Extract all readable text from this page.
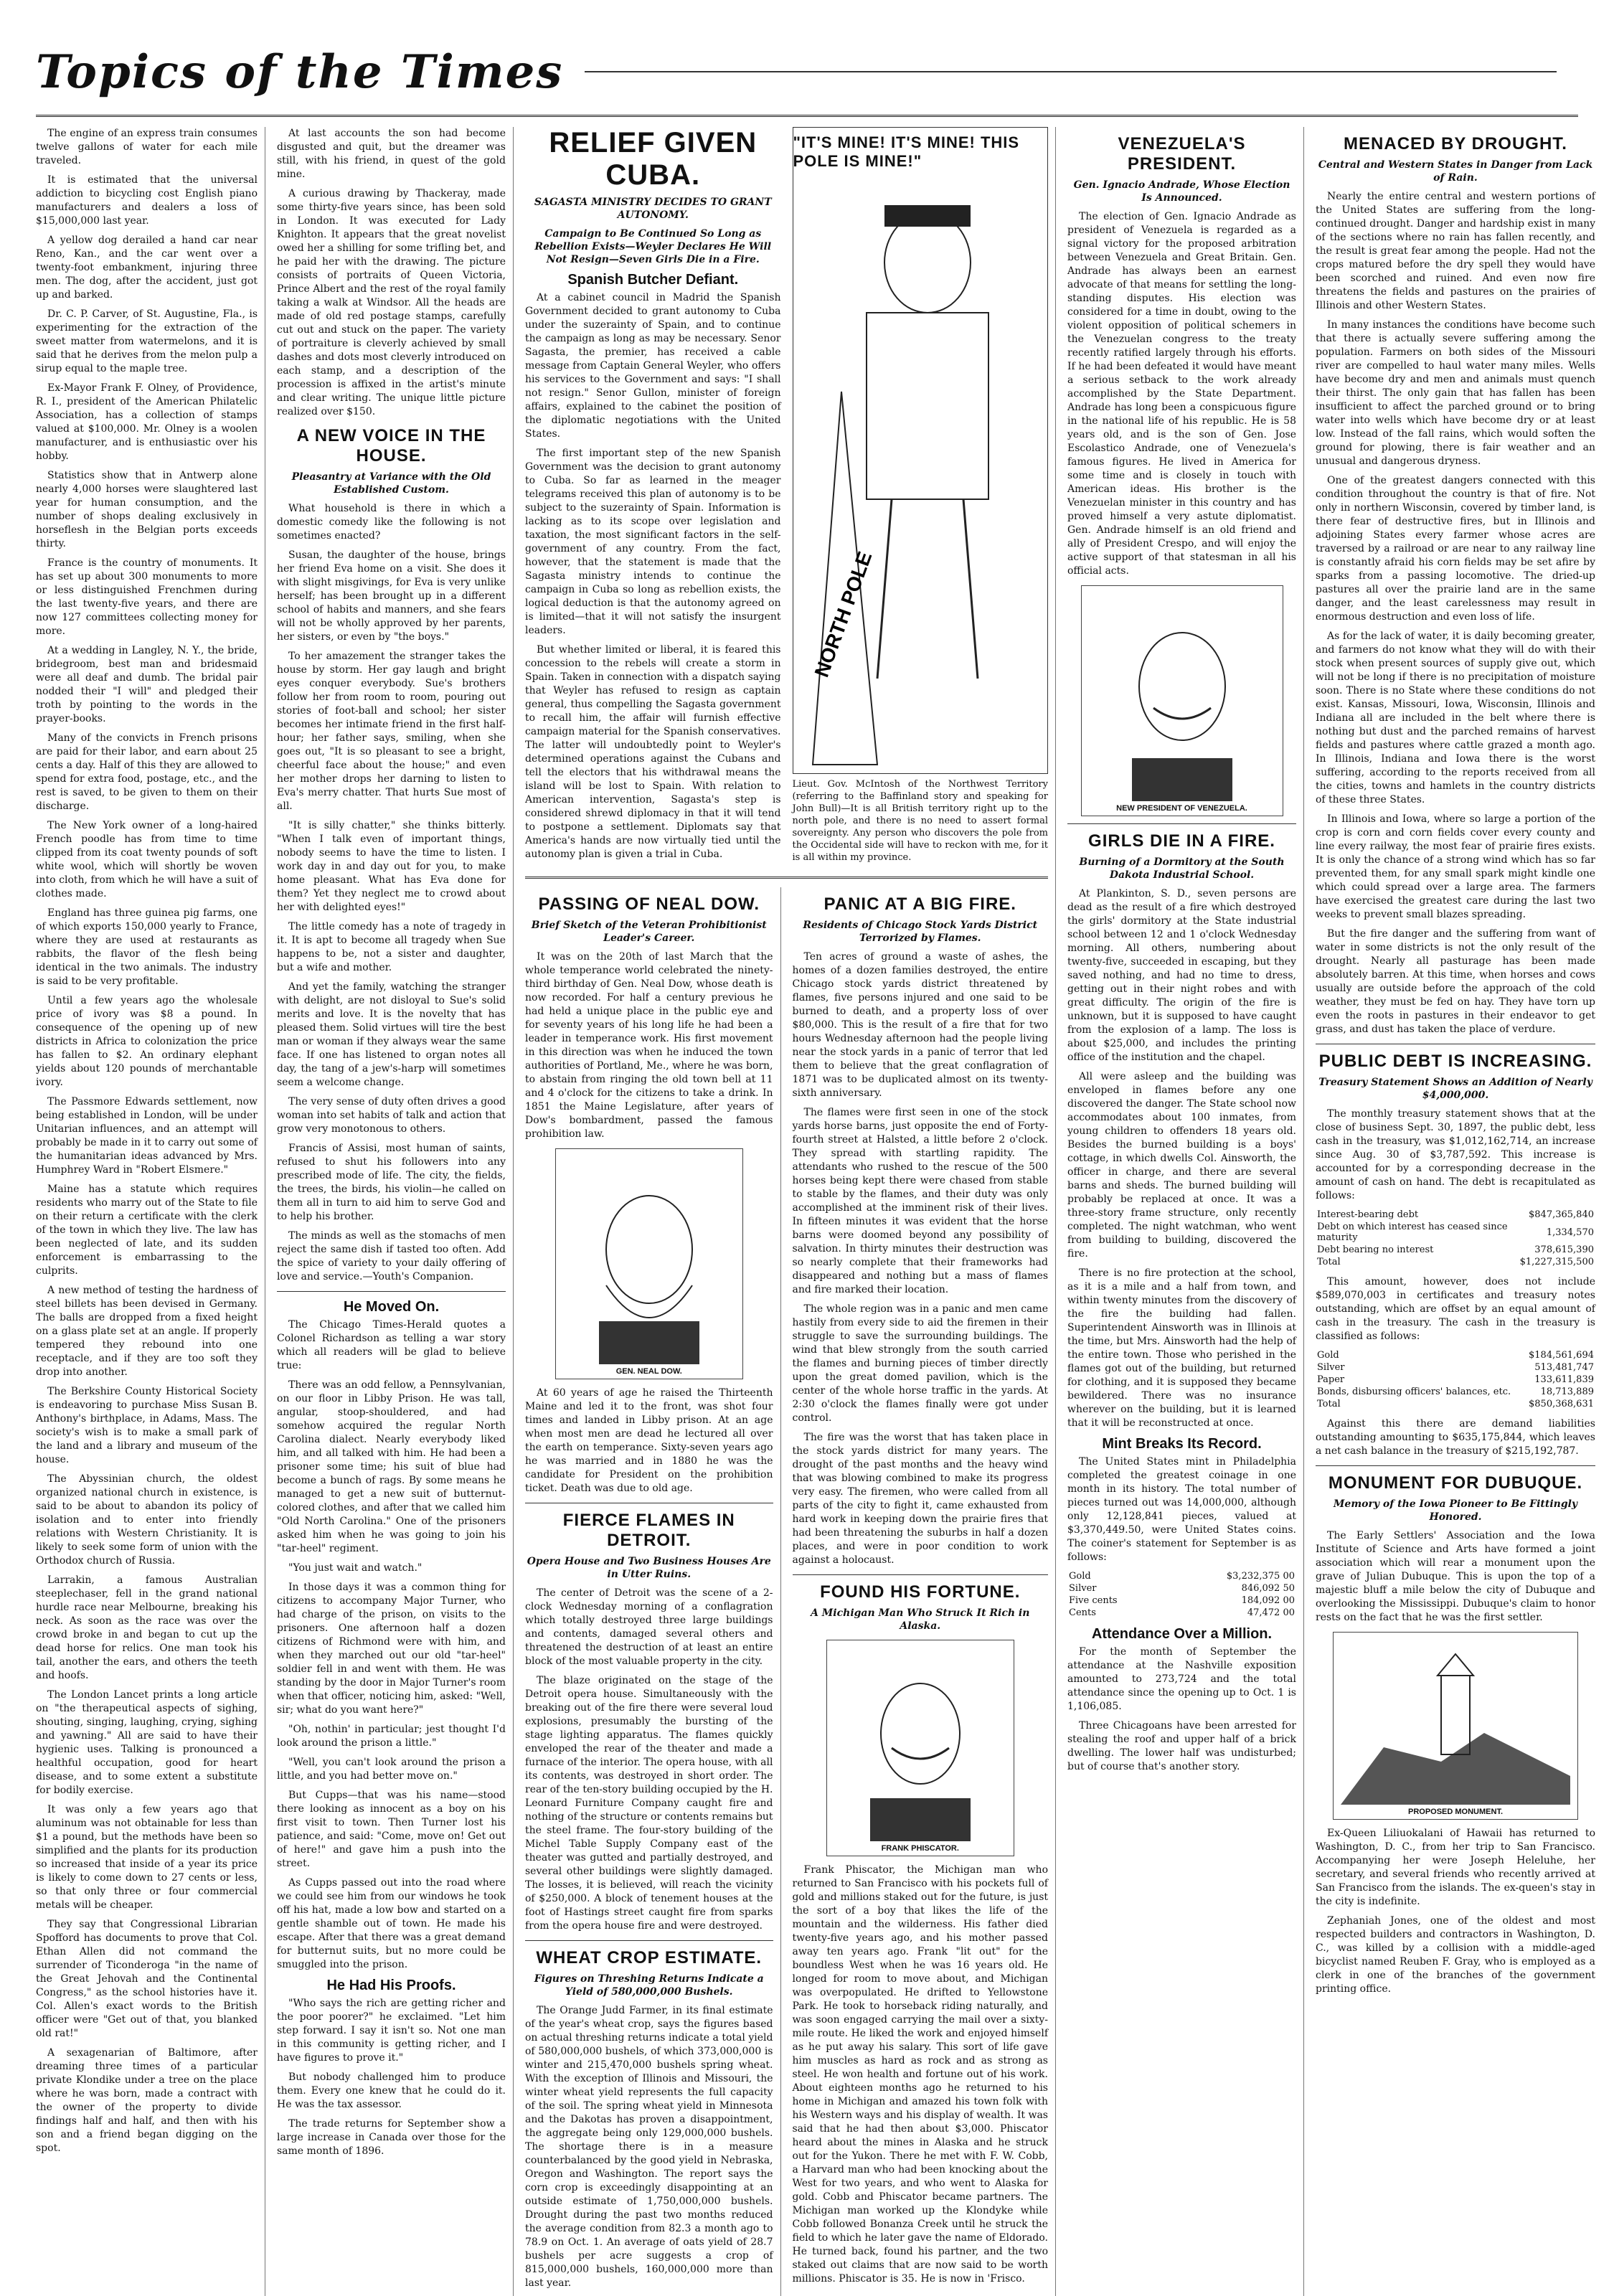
Topics of the Times

The engine of an express train consumes twelve gallons of water for each mile traveled.

It is estimated that the universal addiction to bicycling cost English piano manufacturers and dealers a loss of $15,000,000 last year.

A yellow dog derailed a hand car near Reno, Kan., and the car went over a twenty-foot embankment, injuring three men. The dog, after the accident, just got up and barked.

Dr. C. P. Carver, of St. Augustine, Fla., is experimenting for the extraction of the sweet matter from watermelons, and it is said that he derives from the melon pulp a sirup equal to the maple tree.

Ex-Mayor Frank F. Olney, of Providence, R. I., president of the American Philatelic Association, has a collection of stamps valued at $100,000. Mr. Olney is a woolen manufacturer, and is enthusiastic over his hobby.

Statistics show that in Antwerp alone nearly 4,000 horses were slaughtered last year for human consumption, and the number of shops dealing exclusively in horseflesh in the Belgian ports exceeds thirty.

France is the country of monuments. It has set up about 300 monuments to more or less distinguished Frenchmen during the last twenty-five years, and there are now 127 committees collecting money for more.

At a wedding in Langley, N. Y., the bride, bridegroom, best man and bridesmaid were all deaf and dumb. The bridal pair nodded their "I will" and pledged their troth by pointing to the words in the prayer-books.

Many of the convicts in French prisons are paid for their labor, and earn about 25 cents a day. Half of this they are allowed to spend for extra food, postage, etc., and the rest is saved, to be given to them on their discharge.

The New York owner of a long-haired French poodle has from time to time clipped from its coat twenty pounds of soft white wool, which will shortly be woven into cloth, from which he will have a suit of clothes made.

England has three guinea pig farms, one of which exports 150,000 yearly to France, where they are used at restaurants as rabbits, the flavor of the flesh being identical in the two animals. The industry is said to be very profitable.

Until a few years ago the wholesale price of ivory was $8 a pound. In consequence of the opening up of new districts in Africa to colonization the price has fallen to $2. An ordinary elephant yields about 120 pounds of merchantable ivory.

The Passmore Edwards settlement, now being established in London, will be under Unitarian influences, and an attempt will probably be made in it to carry out some of the humanitarian ideas advanced by Mrs. Humphrey Ward in "Robert Elsmere."

Maine has a statute which requires residents who marry out of the State to file on their return a certificate with the clerk of the town in which they live. The law has been neglected of late, and its sudden enforcement is embarrassing to the culprits.

A new method of testing the hardness of steel billets has been devised in Germany. The balls are dropped from a fixed height on a glass plate set at an angle. If properly tempered they rebound into one receptacle, and if they are too soft they drop into another.

The Berkshire County Historical Society is endeavoring to purchase Miss Susan B. Anthony's birthplace, in Adams, Mass. The society's wish is to make a small park of the land and a library and museum of the house.

The Abyssinian church, the oldest organized national church in existence, is said to be about to abandon its policy of isolation and to enter into friendly relations with Western Christianity. It is likely to seek some form of union with the Orthodox church of Russia.

Larrakin, a famous Australian steeplechaser, fell in the grand national hurdle race near Melbourne, breaking his neck. As soon as the race was over the crowd broke in and began to cut up the dead horse for relics. One man took his tail, another the ears, and others the teeth and hoofs.

The London Lancet prints a long article on "the therapeutical aspects of sighing, shouting, singing, laughing, crying, sighing and yawning." All are said to have their hygienic uses. Talking is pronounced a healthful occupation, good for heart disease, and to some extent a substitute for bodily exercise.

It was only a few years ago that aluminum was not obtainable for less than $1 a pound, but the methods have been so simplified and the plants for its production so increased that inside of a year its price is likely to come down to 27 cents or less, so that only three or four commercial metals will be cheaper.

They say that Congressional Librarian Spofford has documents to prove that Col. Ethan Allen did not command the surrender of Ticonderoga "in the name of the Great Jehovah and the Continental Congress," as the school histories have it. Col. Allen's exact words to the British officer were "Get out of that, you blanked old rat!"

A sexagenarian of Baltimore, after dreaming three times of a particular private Klondike under a tree on the place where he was born, made a contract with the owner of the property to divide findings half and half, and then with his son and a friend began digging on the spot.

At last accounts the son had become disgusted and quit, but the dreamer was still, with his friend, in quest of the gold mine.

A curious drawing by Thackeray, made some thirty-five years since, has been sold in London. It was executed for Lady Knighton. It appears that the great novelist owed her a shilling for some trifling bet, and he paid her with the drawing. The picture consists of portraits of Queen Victoria, Prince Albert and the rest of the royal family taking a walk at Windsor. All the heads are made of old red postage stamps, carefully cut out and stuck on the paper. The variety of portraiture is cleverly achieved by small dashes and dots most cleverly introduced on each stamp, and a description of the procession is affixed in the artist's minute and clear writing. The unique little picture realized over $150.

A NEW VOICE IN THE HOUSE.
Pleasantry at Variance with the Old Established Custom.

What household is there in which a domestic comedy like the following is not sometimes enacted?

Susan, the daughter of the house, brings her friend Eva home on a visit. She does it with slight misgivings, for Eva is very unlike herself; has been brought up in a different school of habits and manners, and she fears will not be wholly approved by her parents, her sisters, or even by "the boys."

To her amazement the stranger takes the house by storm. Her gay laugh and bright eyes conquer everybody. Sue's brothers follow her from room to room, pouring out stories of foot-ball and school; her sister becomes her intimate friend in the first half-hour; her father says, smiling, when she goes out, "It is so pleasant to see a bright, cheerful face about the house;" and even her mother drops her darning to listen to Eva's merry chatter. That hurts Sue most of all.

"It is silly chatter," she thinks bitterly. "When I talk even of important things, nobody seems to have the time to listen. I work day in and day out for you, to make home pleasant. What has Eva done for them? Yet they neglect me to crowd about her with delighted eyes!"

The little comedy has a note of tragedy in it. It is apt to become all tragedy when Sue happens to be, not a sister and daughter, but a wife and mother.

And yet the family, watching the stranger with delight, are not disloyal to Sue's solid merits and love. It is the novelty that has pleased them. Solid virtues will tire the best man or woman if they always wear the same face. If one has listened to organ notes all day, the tang of a jew's-harp will sometimes seem a welcome change.

The very sense of duty often drives a good woman into set habits of talk and action that grow very monotonous to others.

Francis of Assisi, most human of saints, refused to shut his followers into any prescribed mode of life. The city, the fields, the trees, the birds, his violin—he called on them all in turn to aid him to serve God and to help his brother.

The minds as well as the stomachs of men reject the same dish if tasted too often. Add the spice of variety to your daily offering of love and service.—Youth's Companion.

He Moved On.

The Chicago Times-Herald quotes a Colonel Richardson as telling a war story which all readers will be glad to believe true:

There was an odd fellow, a Pennsylvanian, on our floor in Libby Prison. He was tall, angular, stoop-shouldered, and had somehow acquired the regular North Carolina dialect. Nearly everybody liked him, and all talked with him. He had been a prisoner some time; his suit of blue had become a bunch of rags. By some means he managed to get a new suit of butternut-colored clothes, and after that we called him "Old North Carolina." One of the prisoners asked him when he was going to join his "tar-heel" regiment.

"You just wait and watch."

In those days it was a common thing for citizens to accompany Major Turner, who had charge of the prison, on visits to the prisoners. One afternoon half a dozen citizens of Richmond were with him, and when they marched out our old "tar-heel" soldier fell in and went with them. He was standing by the door in Major Turner's room when that officer, noticing him, asked: "Well, sir; what do you want here?"

"Oh, nothin' in particular; jest thought I'd look around the prison a little."

"Well, you can't look around the prison a little, and you had better move on."

But Cupps—that was his name—stood there looking as innocent as a boy on his first visit to town. Then Turner lost his patience, and said: "Come, move on! Get out of here!" and gave him a push into the street.

As Cupps passed out into the road where we could see him from our windows he took off his hat, made a low bow and started on a gentle shamble out of town. He made his escape. After that there was a great demand for butternut suits, but no more could be smuggled into the prison.

He Had His Proofs.

"Who says the rich are getting richer and the poor poorer?" he exclaimed. "Let him step forward. I say it isn't so. Not one man in this community is getting richer, and I have figures to prove it."

But nobody challenged him to produce them. Every one knew that he could do it. He was the tax assessor.

The trade returns for September show a large increase in Canada over those for the same month of 1896.

RELIEF GIVEN CUBA.
SAGASTA MINISTRY DECIDES TO GRANT AUTONOMY.
Campaign to Be Continued So Long as Rebellion Exists—Weyler Declares He Will Not Resign—Seven Girls Die in a Fire.
Spanish Butcher Defiant.

At a cabinet council in Madrid the Spanish Government decided to grant autonomy to Cuba under the suzerainty of Spain, and to continue the campaign as long as may be necessary. Senor Sagasta, the premier, has received a cable message from Captain General Weyler, who offers his services to the Government and says: "I shall not resign." Senor Gullon, minister of foreign affairs, explained to the cabinet the position of the diplomatic negotiations with the United States.

The first important step of the new Spanish Government was the decision to grant autonomy to Cuba. So far as learned in the meager telegrams received this plan of autonomy is to be subject to the suzerainty of Spain. Information is lacking as to its scope over legislation and taxation, the most significant factors in the self-government of any country. From the fact, however, that the statement is made that the Sagasta ministry intends to continue the campaign in Cuba so long as rebellion exists, the logical deduction is that the autonomy agreed on is limited—that it will not satisfy the insurgent leaders.

But whether limited or liberal, it is feared this concession to the rebels will create a storm in Spain. Taken in connection with a dispatch saying that Weyler has refused to resign as captain general, thus compelling the Sagasta government to recall him, the affair will furnish effective campaign material for the Spanish conservatives. The latter will undoubtedly point to Weyler's determined operations against the Cubans and tell the electors that his withdrawal means the island will be lost to Spain. With relation to American intervention, Sagasta's step is considered shrewd diplomacy in that it will tend to postpone a settlement. Diplomats say that America's hands are now virtually tied until the autonomy plan is given a trial in Cuba.

"IT'S MINE! IT'S MINE! THIS POLE IS MINE!"
NORTH POLE
Lieut. Gov. McIntosh of the Northwest Territory (referring to the Baffinland story and speaking for John Bull)—It is all British territory right up to the north pole, and there is no need to assert formal sovereignty. Any person who discovers the pole from the Occidental side will have to reckon with me, for it is all within my province.
PASSING OF NEAL DOW.
Brief Sketch of the Veteran Prohibitionist Leader's Career.

It was on the 20th of last March that the whole temperance world celebrated the ninety-third birthday of Gen. Neal Dow, whose death is now recorded. For half a century previous he had held a unique place in the public eye and for seventy years of his long life he had been a leader in temperance work. His first movement in this direction was when he induced the town authorities of Portland, Me., where he was born, to abstain from ringing the old town bell at 11 and 4 o'clock for the citizens to take a drink. In 1851 the Maine Legislature, after years of Dow's bombardment, passed the famous prohibition law.

GEN. NEAL DOW.

At 60 years of age he raised the Thirteenth Maine and led it to the front, was shot four times and landed in Libby prison. At an age when most men are dead he lectured all over the earth on temperance. Sixty-seven years ago he was married and in 1880 he was the candidate for President on the prohibition ticket. Death was due to old age.

FIERCE FLAMES IN DETROIT.
Opera House and Two Business Houses Are in Utter Ruins.

The center of Detroit was the scene of a 2-clock Wednesday morning of a conflagration which totally destroyed three large buildings and contents, damaged several others and threatened the destruction of at least an entire block of the most valuable property in the city.

The blaze originated on the stage of the Detroit opera house. Simultaneously with the breaking out of the fire there were several loud explosions, presumably the bursting of the stage lighting apparatus. The flames quickly enveloped the rear of the theater and made a furnace of the interior. The opera house, with all its contents, was destroyed in short order. The rear of the ten-story building occupied by the H. Leonard Furniture Company caught fire and nothing of the structure or contents remains but the steel frame. The four-story building of the Michel Table Supply Company east of the theater was gutted and partially destroyed, and several other buildings were slightly damaged. The losses, it is believed, will reach the vicinity of $250,000. A block of tenement houses at the foot of Hastings street caught fire from sparks from the opera house fire and were destroyed.

WHEAT CROP ESTIMATE.
Figures on Threshing Returns Indicate a Yield of 580,000,000 Bushels.

The Orange Judd Farmer, in its final estimate of the year's wheat crop, says the figures based on actual threshing returns indicate a total yield of 580,000,000 bushels, of which 373,000,000 is winter and 215,470,000 bushels spring wheat. With the exception of Illinois and Missouri, the winter wheat yield represents the full capacity of the soil. The spring wheat yield in Minnesota and the Dakotas has proven a disappointment, the aggregate being only 129,000,000 bushels. The shortage there is in a measure counterbalanced by the good yield in Nebraska, Oregon and Washington. The report says the corn crop is exceedingly disappointing at an outside estimate of 1,750,000,000 bushels. Drought during the past two months reduced the average condition from 82.3 a month ago to 78.9 on Oct. 1. An average of oats yield of 28.7 bushels per acre suggests a crop of 815,000,000 bushels, 160,000,000 more than last year.

PANIC AT A BIG FIRE.
Residents of Chicago Stock Yards District Terrorized by Flames.

Ten acres of ground a waste of ashes, the homes of a dozen families destroyed, the entire Chicago stock yards district threatened by flames, five persons injured and one said to be burned to death, and a property loss of over $80,000. This is the result of a fire that for two hours Wednesday afternoon had the people living near the stock yards in a panic of terror that led them to believe that the great conflagration of 1871 was to be duplicated almost on its twenty-sixth anniversary.

The flames were first seen in one of the stock yards horse barns, just opposite the end of Forty-fourth street at Halsted, a little before 2 o'clock. They spread with startling rapidity. The attendants who rushed to the rescue of the 500 horses being kept there were chased from stable to stable by the flames, and their duty was only accomplished at the imminent risk of their lives. In fifteen minutes it was evident that the horse barns were doomed beyond any possibility of salvation. In thirty minutes their destruction was so nearly complete that their frameworks had disappeared and nothing but a mass of flames and fire marked their location.

The whole region was in a panic and men came hastily from every side to aid the firemen in their struggle to save the surrounding buildings. The wind that blew strongly from the south carried the flames and burning pieces of timber directly upon the great domed pavilion, which is the center of the whole horse traffic in the yards. At 2:30 o'clock the flames finally were got under control.

The fire was the worst that has taken place in the stock yards district for many years. The drought of the past months and the heavy wind that was blowing combined to make its progress very easy. The firemen, who were called from all parts of the city to fight it, came exhausted from hard work in keeping down the prairie fires that had been threatening the suburbs in half a dozen places, and were in poor condition to work against a holocaust.

FOUND HIS FORTUNE.
A Michigan Man Who Struck It Rich in Alaska.
FRANK PHISCATOR.

Frank Phiscator, the Michigan man who returned to San Francisco with his pockets full of gold and millions staked out for the future, is just the sort of a boy that likes the life of the mountain and the wilderness. His father died twenty-five years ago, and his mother passed away ten years ago. Frank "lit out" for the boundless West when he was 16 years old. He longed for room to move about, and Michigan was overpopulated. He drifted to Yellowstone Park. He took to horseback riding naturally, and was soon engaged carrying the mail over a sixty-mile route. He liked the work and enjoyed himself as he put away his salary. This sort of life gave him muscles as hard as rock and as strong as steel. He won health and fortune out of his work. About eighteen months ago he returned to his home in Michigan and amazed his town folk with his Western ways and his display of wealth. It was said that he had then about $3,000. Phiscator heard about the mines in Alaska and he struck out for the Yukon. There he met with F. W. Cobb, a Harvard man who had been knocking about the West for two years, and who went to Alaska for gold. Cobb and Phiscator became partners. The Michigan man worked up the Klondyke while Cobb followed Bonanza Creek until he struck the field to which he later gave the name of Eldorado. He turned back, found his partner, and the two staked out claims that are now said to be worth millions. Phiscator is 35. He is now in 'Frisco.

VENEZUELA'S PRESIDENT.
Gen. Ignacio Andrade, Whose Election Is Announced.

The election of Gen. Ignacio Andrade as president of Venezuela is regarded as a signal victory for the proposed arbitration between Venezuela and Great Britain. Gen. Andrade has always been an earnest advocate of that means for settling the long-standing disputes. His election was considered for a time in doubt, owing to the violent opposition of political schemers in the Venezuelan congress to the treaty recently ratified largely through his efforts. If he had been defeated it would have meant a serious setback to the work already accomplished by the State Department. Andrade has long been a conspicuous figure in the national life of his republic. He is 58 years old, and is the son of Gen. Jose Escolastico Andrade, one of Venezuela's famous figures. He lived in America for some time and is closely in touch with American ideas. His brother is the Venezuelan minister in this country and has proved himself a very astute diplomatist. Gen. Andrade himself is an old friend and ally of President Crespo, and will enjoy the active support of that statesman in all his official acts.

NEW PRESIDENT OF VENEZUELA.
GIRLS DIE IN A FIRE.
Burning of a Dormitory at the South Dakota Industrial School.

At Plankinton, S. D., seven persons are dead as the result of a fire which destroyed the girls' dormitory at the State industrial school between 12 and 1 o'clock Wednesday morning. All others, numbering about twenty-five, succeeded in escaping, but they saved nothing, and had no time to dress, getting out in their night robes and with great difficulty. The origin of the fire is unknown, but it is supposed to have caught from the explosion of a lamp. The loss is about $25,000, and includes the printing office of the institution and the chapel.

All were asleep and the building was enveloped in flames before any one discovered the danger. The State school now accommodates about 100 inmates, from young children to offenders 18 years old. Besides the burned building is a boys' cottage, in which dwells Col. Ainsworth, the officer in charge, and there are several barns and sheds. The burned building will probably be replaced at once. It was a three-story frame structure, only recently completed. The night watchman, who went from building to building, discovered the fire.

There is no fire protection at the school, as it is a mile and a half from town, and within twenty minutes from the discovery of the fire the building had fallen. Superintendent Ainsworth was in Illinois at the time, but Mrs. Ainsworth had the help of the entire town. Those who perished in the flames got out of the building, but returned for clothing, and it is supposed they became bewildered. There was no insurance wherever on the building, but it is learned that it will be reconstructed at once.

Mint Breaks Its Record.

The United States mint in Philadelphia completed the greatest coinage in one month in its history. The total number of pieces turned out was 14,000,000, although only 12,128,841 pieces, valued at $3,370,449.50, were United States coins. The coiner's statement for September is as follows:

Gold	$3,232,375 00
Silver	846,092 50
Five cents	184,092 00
Cents	47,472 00
Attendance Over a Million.

For the month of September the attendance at the Nashville exposition amounted to 273,724 and the total attendance since the opening up to Oct. 1 is 1,106,085.

Three Chicagoans have been arrested for stealing the roof and upper half of a brick dwelling. The lower half was undisturbed; but of course that's another story.

MENACED BY DROUGHT.
Central and Western States in Danger from Lack of Rain.

Nearly the entire central and western portions of the United States are suffering from the long-continued drought. Danger and hardship exist in many of the sections where no rain has fallen recently, and the result is great fear among the people. Had not the crops matured before the dry spell they would have been scorched and ruined. And even now fire threatens the fields and pastures on the prairies of Illinois and other Western States.

In many instances the conditions have become such that there is actually severe suffering among the population. Farmers on both sides of the Missouri river are compelled to haul water many miles. Wells have become dry and men and animals must quench their thirst. The only gain that has fallen has been insufficient to affect the parched ground or to bring water into wells which have become dry or at least low. Instead of the fall rains, which would soften the ground for plowing, there is fair weather and an unusual and dangerous dryness.

One of the greatest dangers connected with this condition throughout the country is that of fire. Not only in northern Wisconsin, covered by timber land, is there fear of destructive fires, but in Illinois and adjoining States every farmer whose acres are traversed by a railroad or are near to any railway line is constantly afraid his corn fields may be set afire by sparks from a passing locomotive. The dried-up pastures all over the prairie land are in the same danger, and the least carelessness may result in enormous destruction and even loss of life.

As for the lack of water, it is daily becoming greater, and farmers do not know what they will do with their stock when present sources of supply give out, which will not be long if there is no precipitation of moisture soon. There is no State where these conditions do not exist. Kansas, Missouri, Iowa, Wisconsin, Illinois and Indiana all are included in the belt where there is nothing but dust and the parched remains of harvest fields and pastures where cattle grazed a month ago. In Illinois, Indiana and Iowa there is the worst suffering, according to the reports received from all the cities, towns and hamlets in the country districts of these three States.

In Illinois and Iowa, where so large a portion of the crop is corn and corn fields cover every county and line every railway, the most fear of prairie fires exists. It is only the chance of a strong wind which has so far prevented them, for any small spark might kindle one which could spread over a large area. The farmers have exercised the greatest care during the last two weeks to prevent small blazes spreading.

But the fire danger and the suffering from want of water in some districts is not the only result of the drought. Nearly all pasturage has been made absolutely barren. At this time, when horses and cows usually are outside before the approach of the cold weather, they must be fed on hay. They have torn up even the roots in pastures in their endeavor to get grass, and dust has taken the place of verdure.

PUBLIC DEBT IS INCREASING.
Treasury Statement Shows an Addition of Nearly $4,000,000.

The monthly treasury statement shows that at the close of business Sept. 30, 1897, the public debt, less cash in the treasury, was $1,012,162,714, an increase since Aug. 30 of $3,787,592. This increase is accounted for by a corresponding decrease in the amount of cash on hand. The debt is recapitulated as follows:

Interest-bearing debt	$847,365,840
Debt on which interest has ceased since maturity	1,334,570
Debt bearing no interest	378,615,390
Total	$1,227,315,500

This amount, however, does not include $589,070,003 in certificates and treasury notes outstanding, which are offset by an equal amount of cash in the treasury. The cash in the treasury is classified as follows:

Gold	$184,561,694
Silver	513,481,747
Paper	133,611,839
Bonds, disbursing officers' balances, etc.	18,713,889
Total	$850,368,631

Against this there are demand liabilities outstanding amounting to $635,175,844, which leaves a net cash balance in the treasury of $215,192,787.

MONUMENT FOR DUBUQUE.
Memory of the Iowa Pioneer to Be Fittingly Honored.

The Early Settlers' Association and the Iowa Institute of Science and Arts have formed a joint association which will rear a monument upon the grave of Julian Dubuque. This is upon the top of a majestic bluff a mile below the city of Dubuque and overlooking the Mississippi. Dubuque's claim to honor rests on the fact that he was the first settler.

PROPOSED MONUMENT.

Ex-Queen Liliuokalani of Hawaii has returned to Washington, D. C., from her trip to San Francisco. Accompanying her were Joseph Heleluhe, her secretary, and several friends who recently arrived at San Francisco from the islands. The ex-queen's stay in the city is indefinite.

Zephaniah Jones, one of the oldest and most respected builders and contractors in Washington, D. C., was killed by a collision with a middle-aged bicyclist named Reuben F. Gray, who is employed as a clerk in one of the branches of the government printing office.
